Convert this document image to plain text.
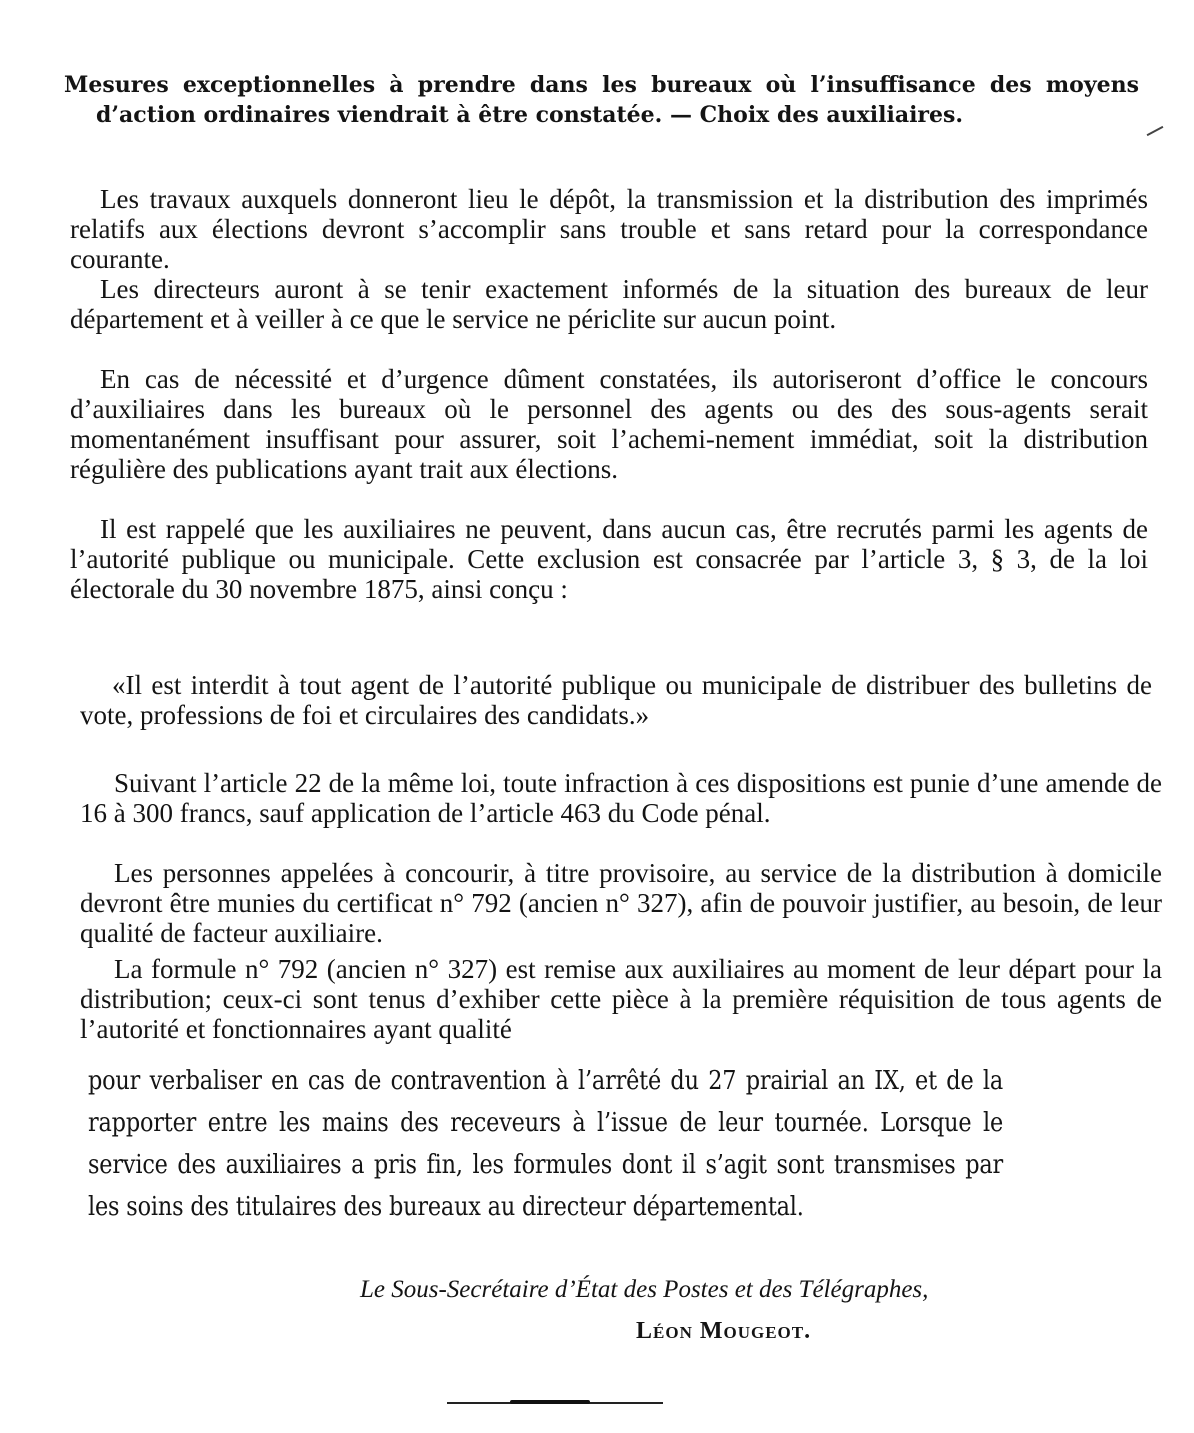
Mesures exceptionnelles à prendre dans les bureaux où l’insuffisance des moyens d’action ordinaires viendrait à être constatée. — Choix des auxiliaires.

Les travaux auxquels donneront lieu le dépôt, la transmission et la distribution des imprimés relatifs aux élections devront s’accomplir sans trouble et sans retard pour la correspondance courante.

Les directeurs auront à se tenir exactement informés de la situation des bureaux de leur département et à veiller à ce que le service ne périclite sur aucun point.

En cas de nécessité et d’urgence dûment constatées, ils autoriseront d’office le concours d’auxiliaires dans les bureaux où le personnel des agents ou des des sous-agents serait momentanément insuffisant pour assurer, soit l’achemi-nement immédiat, soit la distribution régulière des publications ayant trait aux élections.

Il est rappelé que les auxiliaires ne peuvent, dans aucun cas, être recrutés parmi les agents de l’autorité publique ou municipale. Cette exclusion est consacrée par l’article 3, § 3, de la loi électorale du 30 novembre 1875, ainsi conçu :

«Il est interdit à tout agent de l’autorité publique ou municipale de distribuer des bulletins de vote, professions de foi et circulaires des candidats.»

Suivant l’article 22 de la même loi, toute infraction à ces dispositions est punie d’une amende de 16 à 300 francs, sauf application de l’article 463 du Code pénal.

Les personnes appelées à concourir, à titre provisoire, au service de la distribution à domicile devront être munies du certificat n° 792 (ancien n° 327), afin de pouvoir justifier, au besoin, de leur qualité de facteur auxiliaire.

La formule n° 792 (ancien n° 327) est remise aux auxiliaires au moment de leur départ pour la distribution; ceux-ci sont tenus d’exhiber cette pièce à la première réquisition de tous agents de l’autorité et fonctionnaires ayant qualité

pour verbaliser en cas de contravention à l’arrêté du 27 prairial an IX, et de la rapporter entre les mains des receveurs à l’issue de leur tournée. Lorsque le service des auxiliaires a pris fin, les formules dont il s’agit sont transmises par les soins des titulaires des bureaux au directeur départemental.

Le Sous-Secrétaire d’État des Postes et des Télégraphes,
Léon Mougeot.
